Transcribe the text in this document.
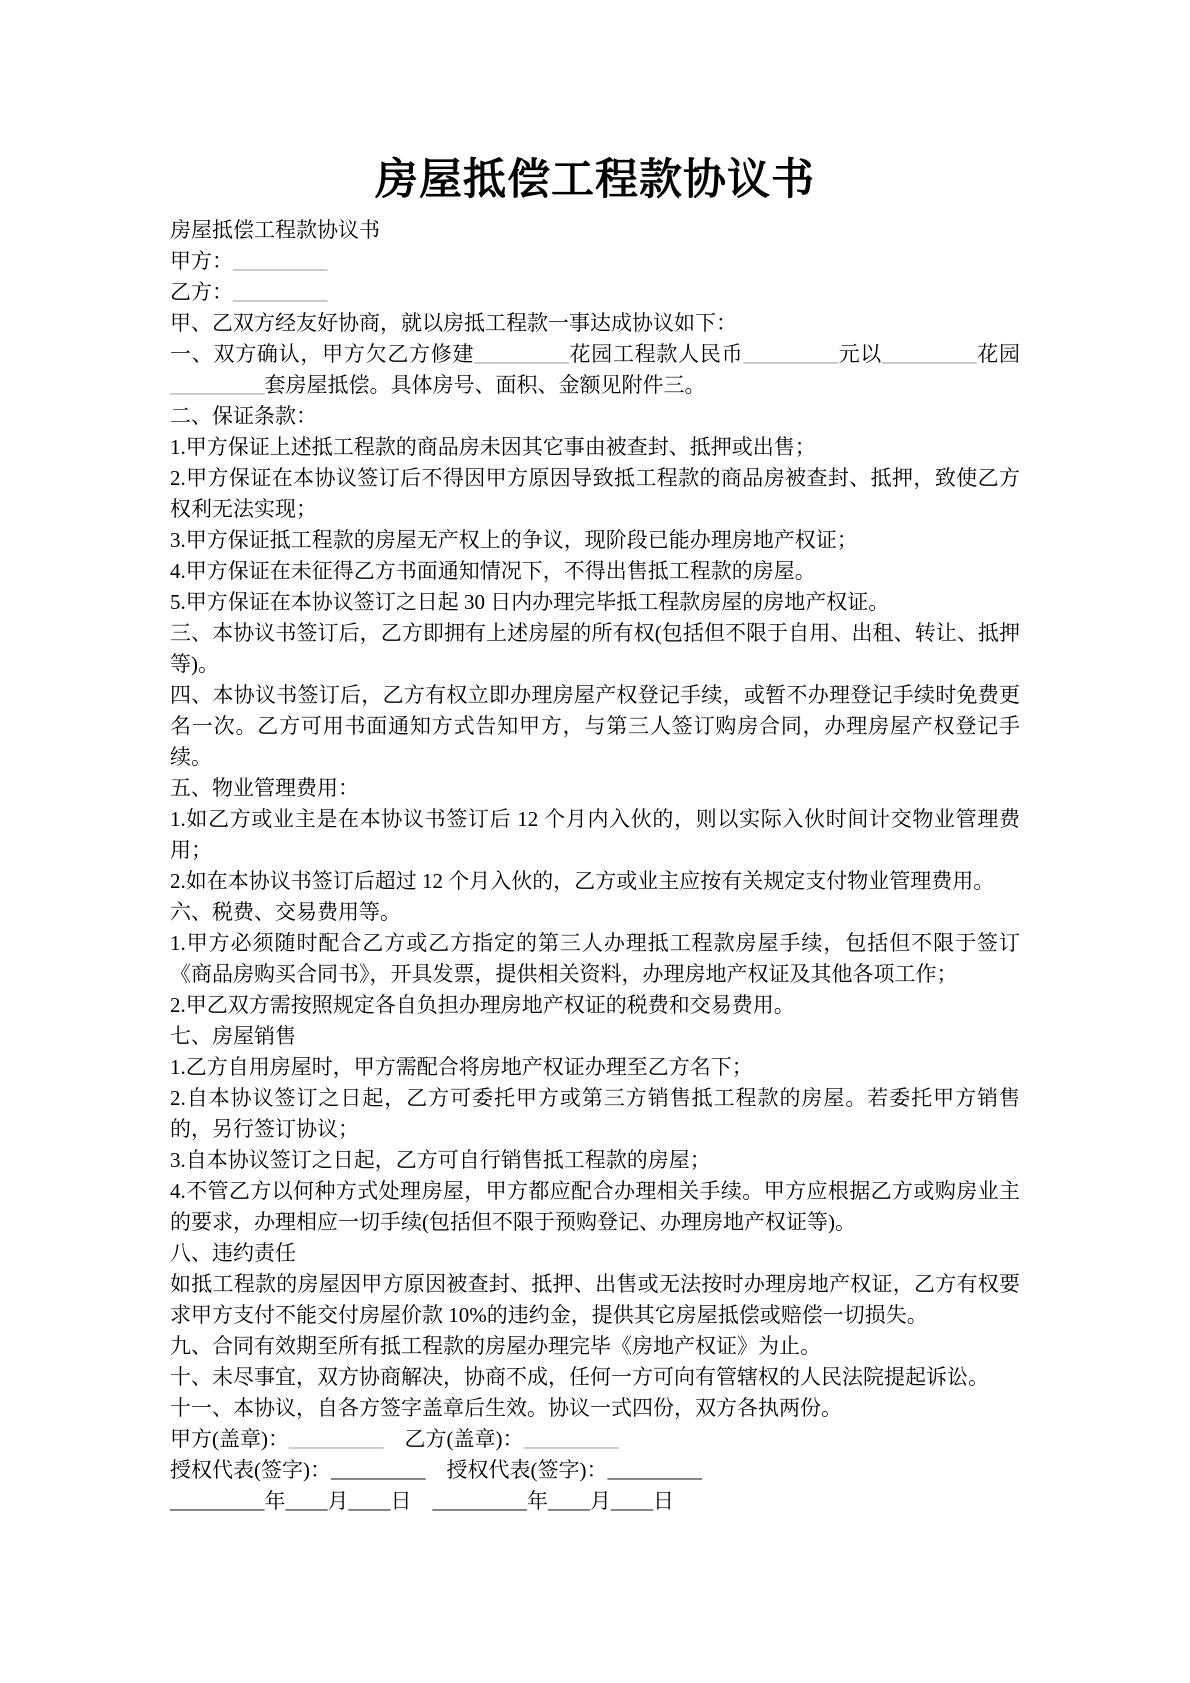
房屋抵偿工程款协议书

房屋抵偿工程款协议书

甲方：_________

乙方：_________

甲、乙双方经友好协商，就以房抵工程款一事达成协议如下：

一、双方确认，甲方欠乙方修建_________花园工程款人民币_________元以_________花园_________套房屋抵偿。具体房号、面积、金额见附件三。

二、保证条款：

1.甲方保证上述抵工程款的商品房未因其它事由被查封、抵押或出售；

2.甲方保证在本协议签订后不得因甲方原因导致抵工程款的商品房被查封、抵押，致使乙方权利无法实现；

3.甲方保证抵工程款的房屋无产权上的争议，现阶段已能办理房地产权证；

4.甲方保证在未征得乙方书面通知情况下，不得出售抵工程款的房屋。

5.甲方保证在本协议签订之日起 30 日内办理完毕抵工程款房屋的房地产权证。

三、本协议书签订后，乙方即拥有上述房屋的所有权(包括但不限于自用、出租、转让、抵押等)。

四、本协议书签订后，乙方有权立即办理房屋产权登记手续，或暂不办理登记手续时免费更名一次。乙方可用书面通知方式告知甲方，与第三人签订购房合同，办理房屋产权登记手续。

五、物业管理费用：

1.如乙方或业主是在本协议书签订后 12 个月内入伙的，则以实际入伙时间计交物业管理费用；

2.如在本协议书签订后超过 12 个月入伙的，乙方或业主应按有关规定支付物业管理费用。

六、税费、交易费用等。

1.甲方必须随时配合乙方或乙方指定的第三人办理抵工程款房屋手续，包括但不限于签订《商品房购买合同书》，开具发票，提供相关资料，办理房地产权证及其他各项工作；

2.甲乙双方需按照规定各自负担办理房地产权证的税费和交易费用。

七、房屋销售

1.乙方自用房屋时，甲方需配合将房地产权证办理至乙方名下；

2.自本协议签订之日起，乙方可委托甲方或第三方销售抵工程款的房屋。若委托甲方销售的，另行签订协议；

3.自本协议签订之日起，乙方可自行销售抵工程款的房屋；

4.不管乙方以何种方式处理房屋，甲方都应配合办理相关手续。甲方应根据乙方或购房业主的要求，办理相应一切手续(包括但不限于预购登记、办理房地产权证等)。

八、违约责任

如抵工程款的房屋因甲方原因被查封、抵押、出售或无法按时办理房地产权证，乙方有权要求甲方支付不能交付房屋价款 10%的违约金，提供其它房屋抵偿或赔偿一切损失。

九、合同有效期至所有抵工程款的房屋办理完毕《房地产权证》为止。

十、未尽事宜，双方协商解决，协商不成，任何一方可向有管辖权的人民法院提起诉讼。

十一、本协议，自各方签字盖章后生效。协议一式四份，双方各执两份。

甲方(盖章)：_________　乙方(盖章)：_________

授权代表(签字)：_________　授权代表(签字)：_________

_________年____月____日　_________年____月____日
